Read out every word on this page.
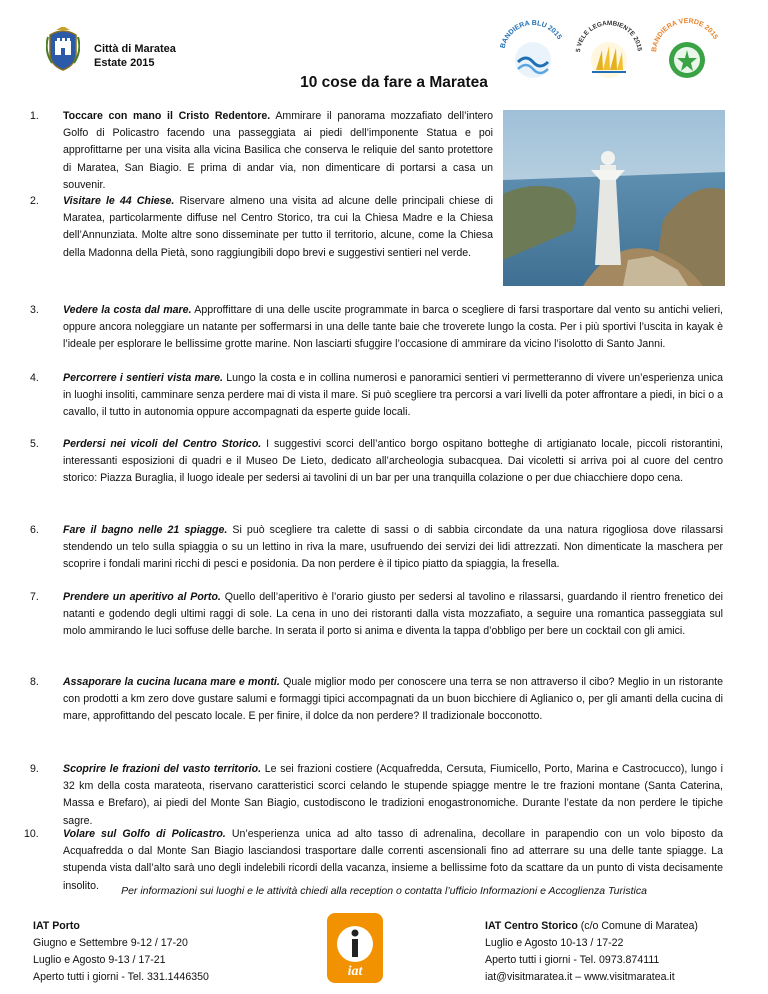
Città di Maratea
Estate 2015
BANDIERA BLU 2015
5 VELE LEGAMBIENTE 2015 BANDIERA VERDE 2015
10 cose da fare a Maratea
1.	Toccare con mano il Cristo Redentore. Ammirare il panorama mozzafiato dell’intero Golfo di Policastro facendo una passeggiata ai piedi dell’imponente Statua e poi approfittarne per una visita alla vicina Basilica che conserva le reliquie del santo protettore di Maratea, San Biagio. E prima di andar via, non dimenticare di portarsi a casa un souvenir.
2.	Visitare le 44 Chiese. Riservare almeno una visita ad alcune delle principali chiese di Maratea, particolarmente diffuse nel Centro Storico, tra cui la Chiesa Madre e la Chiesa dell’Annunziata. Molte altre sono disseminate per tutto il territorio, alcune, come la Chiesa della Madonna della Pietà, sono raggiungibili dopo brevi e suggestivi sentieri nel verde.
3.	Vedere la costa dal mare. Approffittare di una delle uscite programmate in barca o scegliere di farsi trasportare dal vento su antichi velieri, oppure ancora noleggiare un natante per soffermarsi in una delle tante baie che troverete lungo la costa. Per i più sportivi l’uscita in kayak è l’ideale per esplorare le bellissime grotte marine. Non lasciarti sfuggire l’occasione di ammirare da vicino l’isolotto di Santo Janni.
4.	Percorrere i sentieri vista mare. Lungo la costa e in collina numerosi e panoramici sentieri vi permetteranno di vivere un’esperienza unica in luoghi insoliti, camminare senza perdere mai di vista il mare. Si può scegliere tra percorsi a vari livelli da poter affrontare a piedi, in bici o a cavallo, il tutto in autonomia oppure accompagnati da esperte guide locali.
5.	Perdersi nei vicoli del Centro Storico. I suggestivi scorci dell’antico borgo ospitano botteghe di artigianato locale, piccoli ristorantini, interessanti esposizioni di quadri e il Museo De Lieto, dedicato all’archeologia subacquea. Dai vicoletti si arriva poi al cuore del centro storico: Piazza Buraglia, il luogo ideale per sedersi ai tavolini di un bar per una tranquilla colazione o per due chiacchiere dopo cena.
6.	Fare il bagno nelle 21 spiagge. Si può scegliere tra calette di sassi o di sabbia circondate da una natura rigogliosa dove rilassarsi stendendo un telo sulla spiaggia o su un lettino in riva la mare, usufruendo dei servizi dei lidi attrezzati. Non dimenticate la maschera per scoprire i fondali marini ricchi di pesci e posidonia. Da non perdere è il tipico piatto da spiaggia, la fresella.
7.	Prendere un aperitivo al Porto. Quello dell’aperitivo è l’orario giusto per sedersi al tavolino e rilassarsi, guardando il rientro frenetico dei natanti e godendo degli ultimi raggi di sole. La cena in uno dei ristoranti dalla vista mozzafiato, a seguire una romantica passeggiata sul molo ammirando le luci soffuse delle barche. In serata il porto si anima e diventa la tappa d’obbligo per bere un cocktail con gli amici.
8.	Assaporare la cucina lucana mare e monti. Quale miglior modo per conoscere una terra se non attraverso il cibo? Meglio in un ristorante con prodotti a km zero dove gustare salumi e formaggi tipici accompagnati da un buon bicchiere di Aglianico o, per gli amanti della cucina di mare, approfittando del pescato locale. E per finire, il dolce da non perdere? Il tradizionale bocconotto.
9.	Scoprire le frazioni del vasto territorio. Le sei frazioni costiere (Acquafredda, Cersuta, Fiumicello, Porto, Marina e Castrocucco), lungo i 32 km della costa marateota, riservano caratteristici scorci celando le stupende spiagge mentre le tre frazioni montane (Santa Caterina, Massa e Brefaro), ai piedi del Monte San Biagio, custodiscono le tradizioni enogastronomiche. Durante l’estate da non perdere le tipiche sagre.
10.	Volare sul Golfo di Policastro. Un’esperienza unica ad alto tasso di adrenalina, decollare in parapendio con un volo biposto da Acquafredda o dal Monte San Biagio lasciandosi trasportare dalle correnti ascensionali fino ad atterrare su una delle tante spiagge. La stupenda vista dall’alto sarà uno degli indelebili ricordi della vacanza, insieme a bellissime foto da scattare da un punto di vista decisamente insolito.	Per informazioni sui luoghi e le attività chiedi alla reception o contatta l’ufficio Informazioni e Accoglienza Turistica
IAT Porto
Giugno e Settembre 9-12 / 17-20
Luglio e Agosto 9-13 / 17-21
Aperto tutti i giorni - Tel. 331.1446350	iat
IAT Centro Storico (c/o Comune di Maratea)
Luglio e Agosto 10-13 / 17-22
Aperto tutti i giorni - Tel. 0973.874111
iat@visitmaratea.it – www.visitmaratea.it
